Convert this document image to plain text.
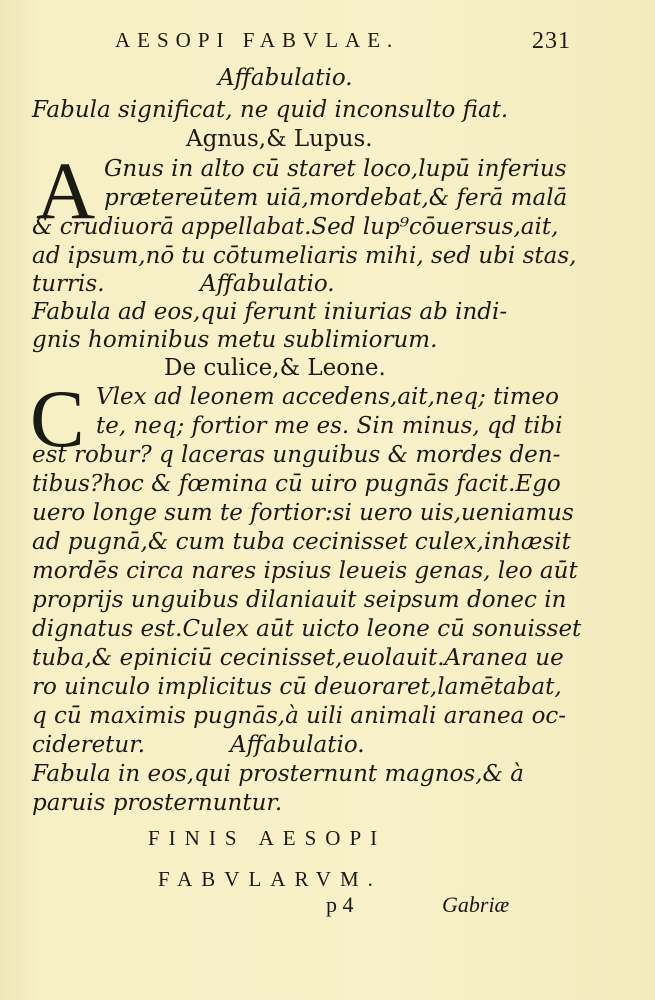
AESOPI FABVLAE.	231
Affabulatio.
Fabula significat, ne quid inconsulto fiat.
Agnus,& Lupus.
A Gnus in alto cū staret loco,lupū inferius
prætereūtem uiā,mordebat,& ferā malā
& crudiuorā appellabat.Sed lup⁹cōuersus,ait,
ad ipsum,nō tu cōtumeliaris mihi, sed ubi stas,
turris.	Affabulatio.
Fabula ad eos,qui ferunt iniurias ab indi-
gnis hominibus metu sublimiorum.
De culice,& Leone.
C Vlex ad leonem accedens,ait,neq; timeo
te, neq; fortior me es. Sin minus, qd tibi
est robur? q laceras unguibus & mordes den-
tibus?hoc & fœmina cū uiro pugnās facit.Ego
uero longe sum te fortior:si uero uis,ueniamus
ad pugnā,& cum tuba cecinisset culex,inhæsit
mordēs circa nares ipsius leueis genas, leo aūt
proprijs unguibus dilaniauit seipsum donec in
dignatus est.Culex aūt uicto leone cū sonuisset
tuba,& epiniciū cecinisset,euolauit.Aranea ue
ro uinculo implicitus cū deuoraret,lamētabat,
q cū maximis pugnās,à uili animali aranea oc-
cideretur.	Affabulatio.
Fabula in eos,qui prosternunt magnos,& à
paruis prosternuntur.
FINIS AESOPI
FABVLARVM.
p 4	Gabriæ
